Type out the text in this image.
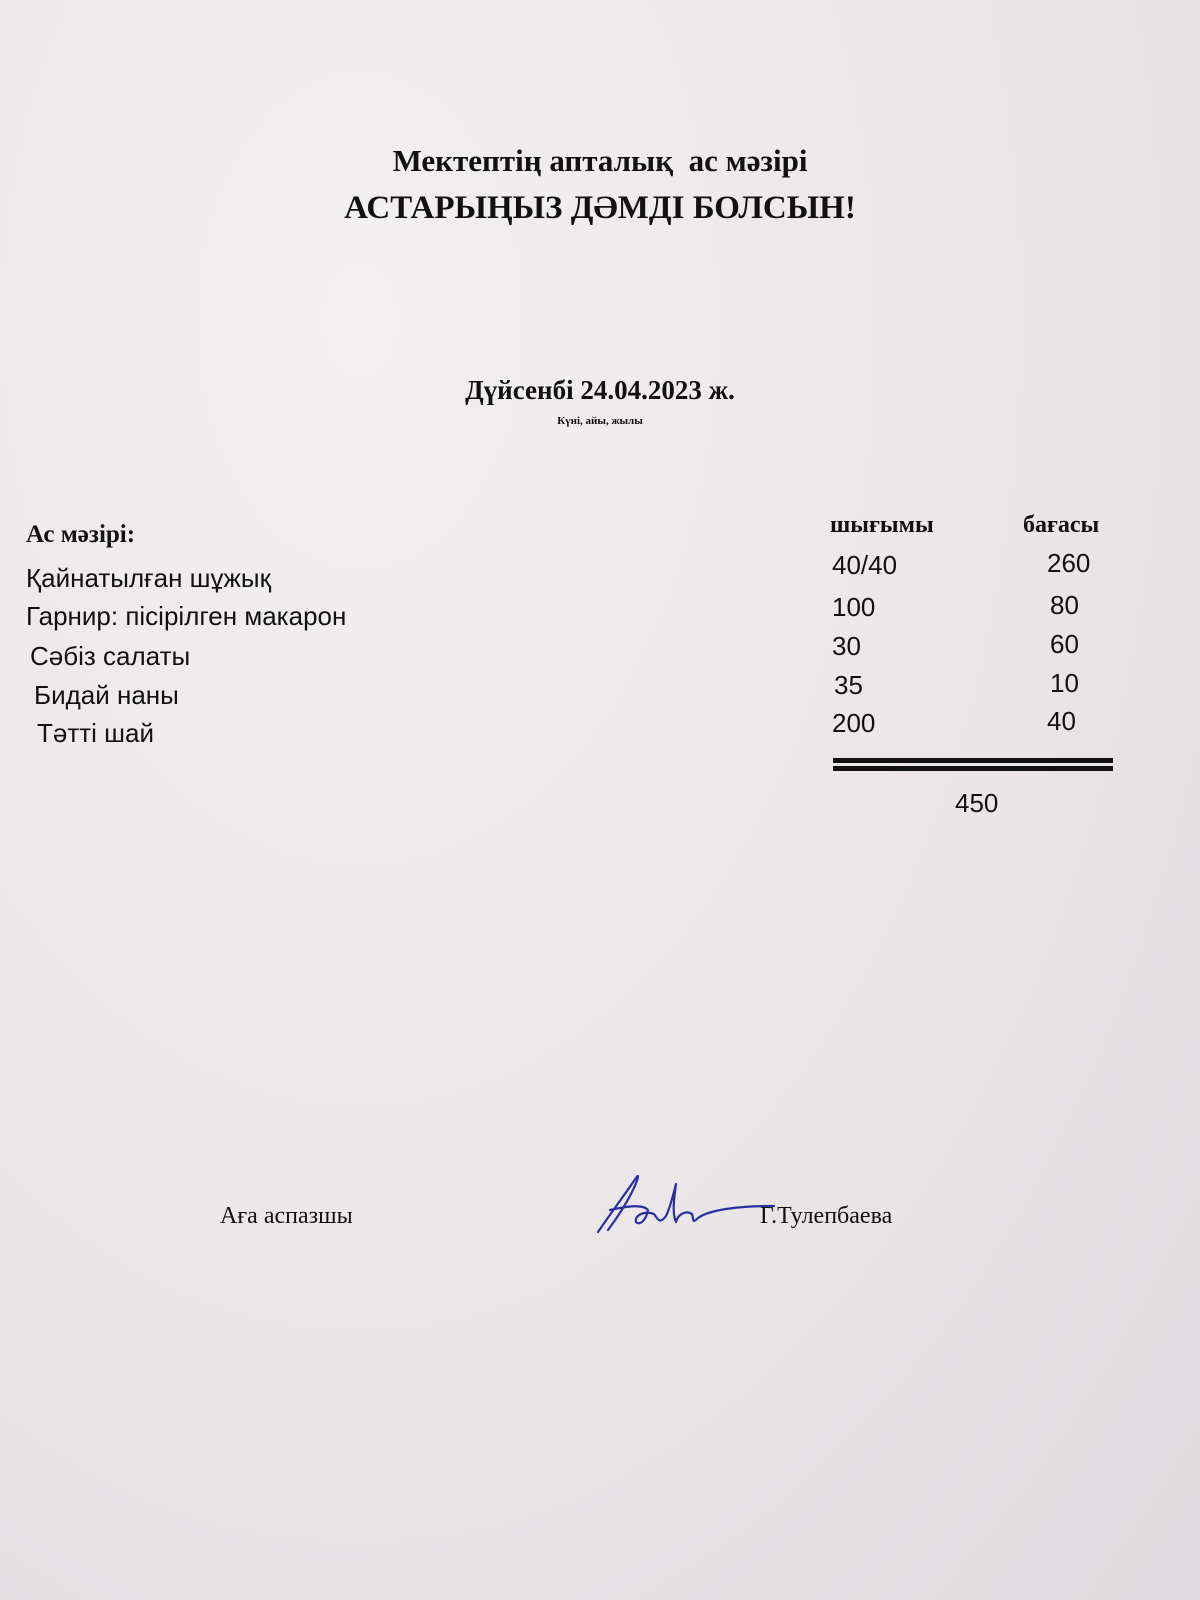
Мектептің апталық  ас мәзірі
АСТАРЫҢЫЗ ДӘМДІ БОЛСЫН!
Дүйсенбі 24.04.2023 ж.
Күні, айы, жылы
Ас мәзірі:	шығымы	бағасы
Қайнатылған шұжық	40/40	260
Гарнир: пісірілген макарон	100	80
Сәбіз салаты	30	60
Бидай наны	35	10
Тәтті шай	200	40
450
Аға аспазшы	Г.Тулепбаева
